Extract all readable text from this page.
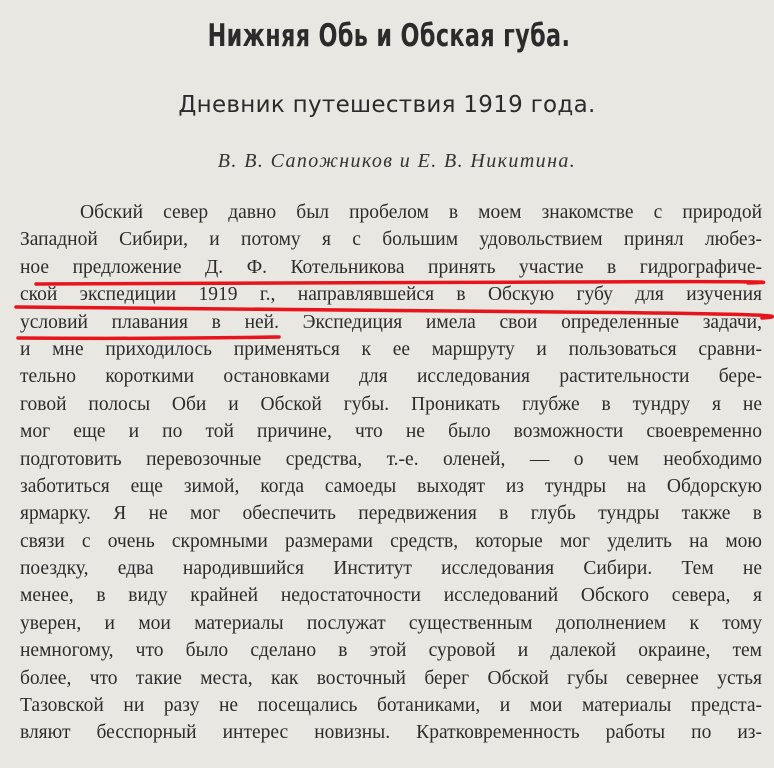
Нижняя Обь и Обская губа.
Дневник путешествия 1919 года.
В. В. Сапожников и Е. В. Никитина.
Обский север давно был пробелом в моем знакомстве с природой
Западной Сибири, и потому я с большим удовольствием принял любез-
ное предложение Д. Ф. Котельникова принять участие в гидрографиче-
ской экспедиции 1919 г., направлявшейся в Обскую губу для изучения
условий плавания в ней. Экспедиция имела свои определенные задачи,
и мне приходилось применяться к ее маршруту и пользоваться сравни-
тельно короткими остановками для исследования растительности бере-
говой полосы Оби и Обской губы. Проникать глубже в тундру я не
мог еще и по той причине, что не было возможности своевременно
подготовить перевозочные средства, т.-е. оленей, — о чем необходимо
заботиться еще зимой, когда самоеды выходят из тундры на Обдорскую
ярмарку. Я не мог обеспечить передвижения в глубь тундры также в
связи с очень скромными размерами средств, которые мог уделить на мою
поездку, едва народившийся Институт исследования Сибири. Тем не
менее, в виду крайней недостаточности исследований Обского севера, я
уверен, и мои материалы послужат существенным дополнением к тому
немногому, что было сделано в этой суровой и далекой окраине, тем
более, что такие места, как восточный берег Обской губы севернее устья
Тазовской ни разу не посещались ботаниками, и мои материалы предста-
вляют бесспорный интерес новизны. Кратковременность работы по из-
